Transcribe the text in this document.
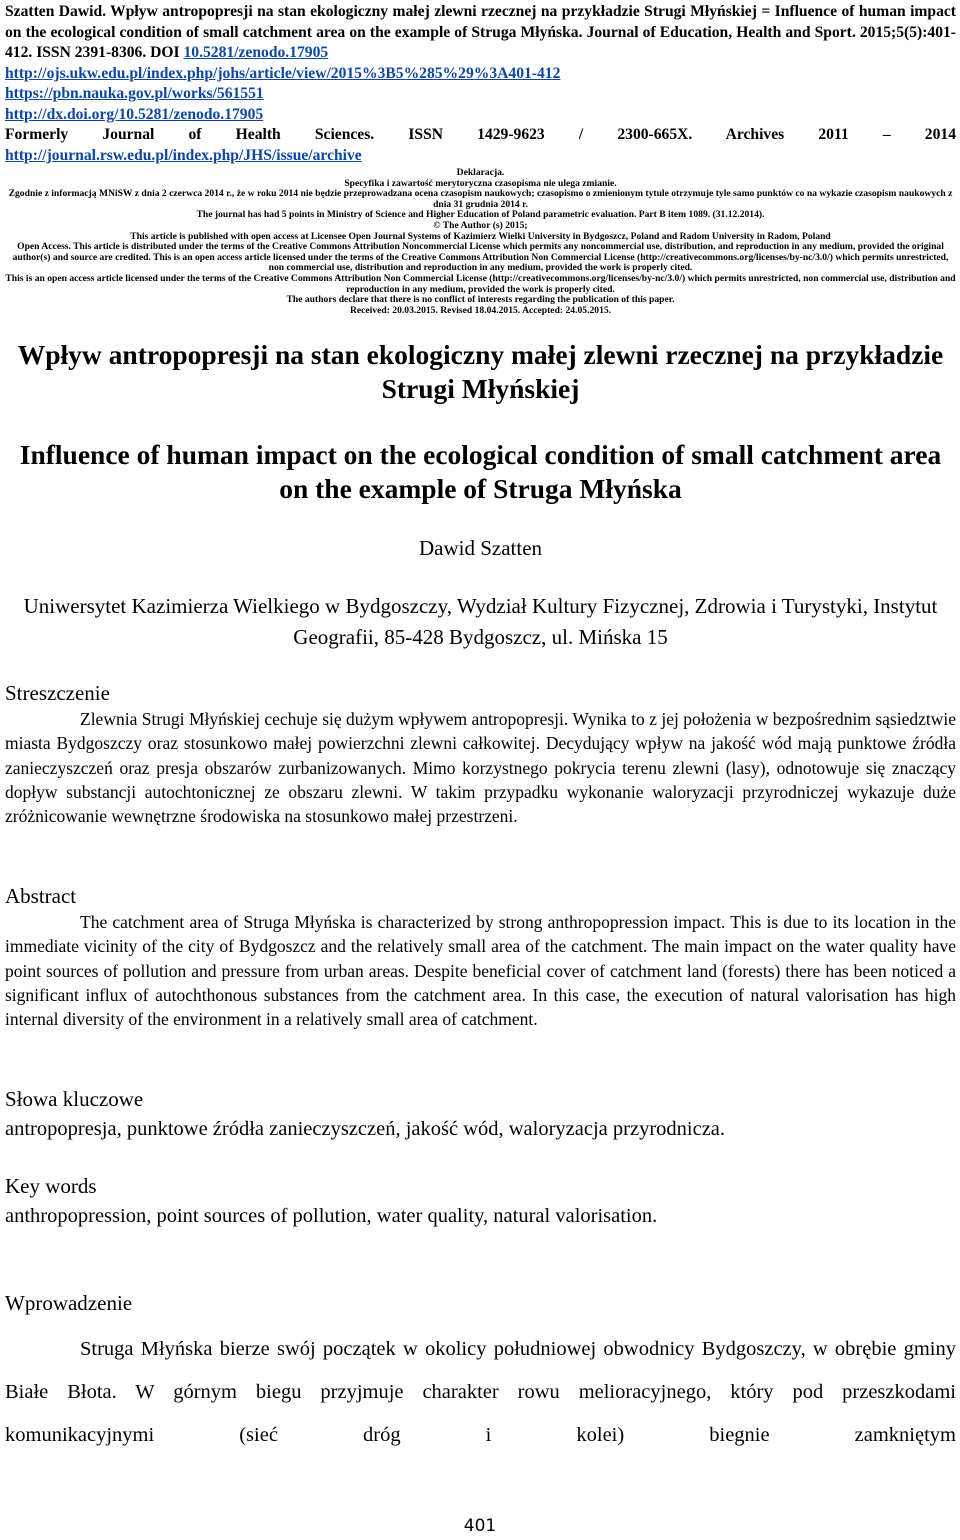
Szatten Dawid. Wpływ antropopresji na stan ekologiczny małej zlewni rzecznej na przykładzie Strugi Młyńskiej = Influence of human impact on the ecological condition of small catchment area on the example of Struga Młyńska. Journal of Education, Health and Sport. 2015;5(5):401-412. ISSN 2391-8306. DOI 10.5281/zenodo.17905
http://ojs.ukw.edu.pl/index.php/johs/article/view/2015%3B5%285%29%3A401-412
https://pbn.nauka.gov.pl/works/561551
http://dx.doi.org/10.5281/zenodo.17905
Formerly Journal of Health Sciences. ISSN 1429-9623 / 2300-665X. Archives 2011 – 2014
http://journal.rsw.edu.pl/index.php/JHS/issue/archive
Deklaracja.
Specyfika i zawartość merytoryczna czasopisma nie ulega zmianie.
Zgodnie z informacją MNiSW z dnia 2 czerwca 2014 r., że w roku 2014 nie będzie przeprowadzana ocena czasopism naukowych; czasopismo o zmienionym tytule otrzymuje tyle samo punktów co na wykazie czasopism naukowych z dnia 31 grudnia 2014 r.
The journal has had 5 points in Ministry of Science and Higher Education of Poland parametric evaluation. Part B item 1089. (31.12.2014).
© The Author (s) 2015;
This article is published with open access at Licensee Open Journal Systems of Kazimierz Wielki University in Bydgoszcz, Poland and Radom University in Radom, Poland
Open Access. This article is distributed under the terms of the Creative Commons Attribution Noncommercial License which permits any noncommercial use, distribution, and reproduction in any medium, provided the original author(s) and source are credited. This is an open access article licensed under the terms of the Creative Commons Attribution Non Commercial License (http://creativecommons.org/licenses/by-nc/3.0/) which permits unrestricted, non commercial use, distribution and reproduction in any medium, provided the work is properly cited.
This is an open access article licensed under the terms of the Creative Commons Attribution Non Commercial License (http://creativecommons.org/licenses/by-nc/3.0/) which permits unrestricted, non commercial use, distribution and reproduction in any medium, provided the work is properly cited.
The authors declare that there is no conflict of interests regarding the publication of this paper.
Received: 20.03.2015. Revised 18.04.2015. Accepted: 24.05.2015.
Wpływ antropopresji na stan ekologiczny małej zlewni rzecznej na przykładzie Strugi Młyńskiej
Influence of human impact on the ecological condition of small catchment area on the example of Struga Młyńska
Dawid Szatten
Uniwersytet Kazimierza Wielkiego w Bydgoszczy, Wydział Kultury Fizycznej, Zdrowia i Turystyki, Instytut Geografii, 85-428 Bydgoszcz, ul. Mińska 15
Streszczenie
Zlewnia Strugi Młyńskiej cechuje się dużym wpływem antropopresji. Wynika to z jej położenia w bezpośrednim sąsiedztwie miasta Bydgoszczy oraz stosunkowo małej powierzchni zlewni całkowitej. Decydujący wpływ na jakość wód mają punktowe źródła zanieczyszczeń oraz presja obszarów zurbanizowanych. Mimo korzystnego pokrycia terenu zlewni (lasy), odnotowuje się znaczący dopływ substancji autochtonicznej ze obszaru zlewni. W takim przypadku wykonanie waloryzacji przyrodniczej wykazuje duże zróżnicowanie wewnętrzne środowiska na stosunkowo małej przestrzeni.
Abstract
The catchment area of Struga Młyńska is characterized by strong anthropopression impact. This is due to its location in the immediate vicinity of the city of Bydgoszcz and the relatively small area of the catchment. The main impact on the water quality have point sources of pollution and pressure from urban areas. Despite beneficial cover of catchment land (forests) there has been noticed a significant influx of autochthonous substances from the catchment area. In this case, the execution of natural valorisation has high internal diversity of the environment in a relatively small area of catchment.
Słowa kluczowe
antropopresja, punktowe źródła zanieczyszczeń, jakość wód, waloryzacja przyrodnicza.
Key words
anthropopression, point sources of pollution, water quality, natural valorisation.
Wprowadzenie
Struga Młyńska bierze swój początek w okolicy południowej obwodnicy Bydgoszczy, w obrębie gminy Białe Błota. W górnym biegu przyjmuje charakter rowu melioracyjnego, który pod przeszkodami komunikacyjnymi (sieć dróg i kolei) biegnie zamkniętym
401
